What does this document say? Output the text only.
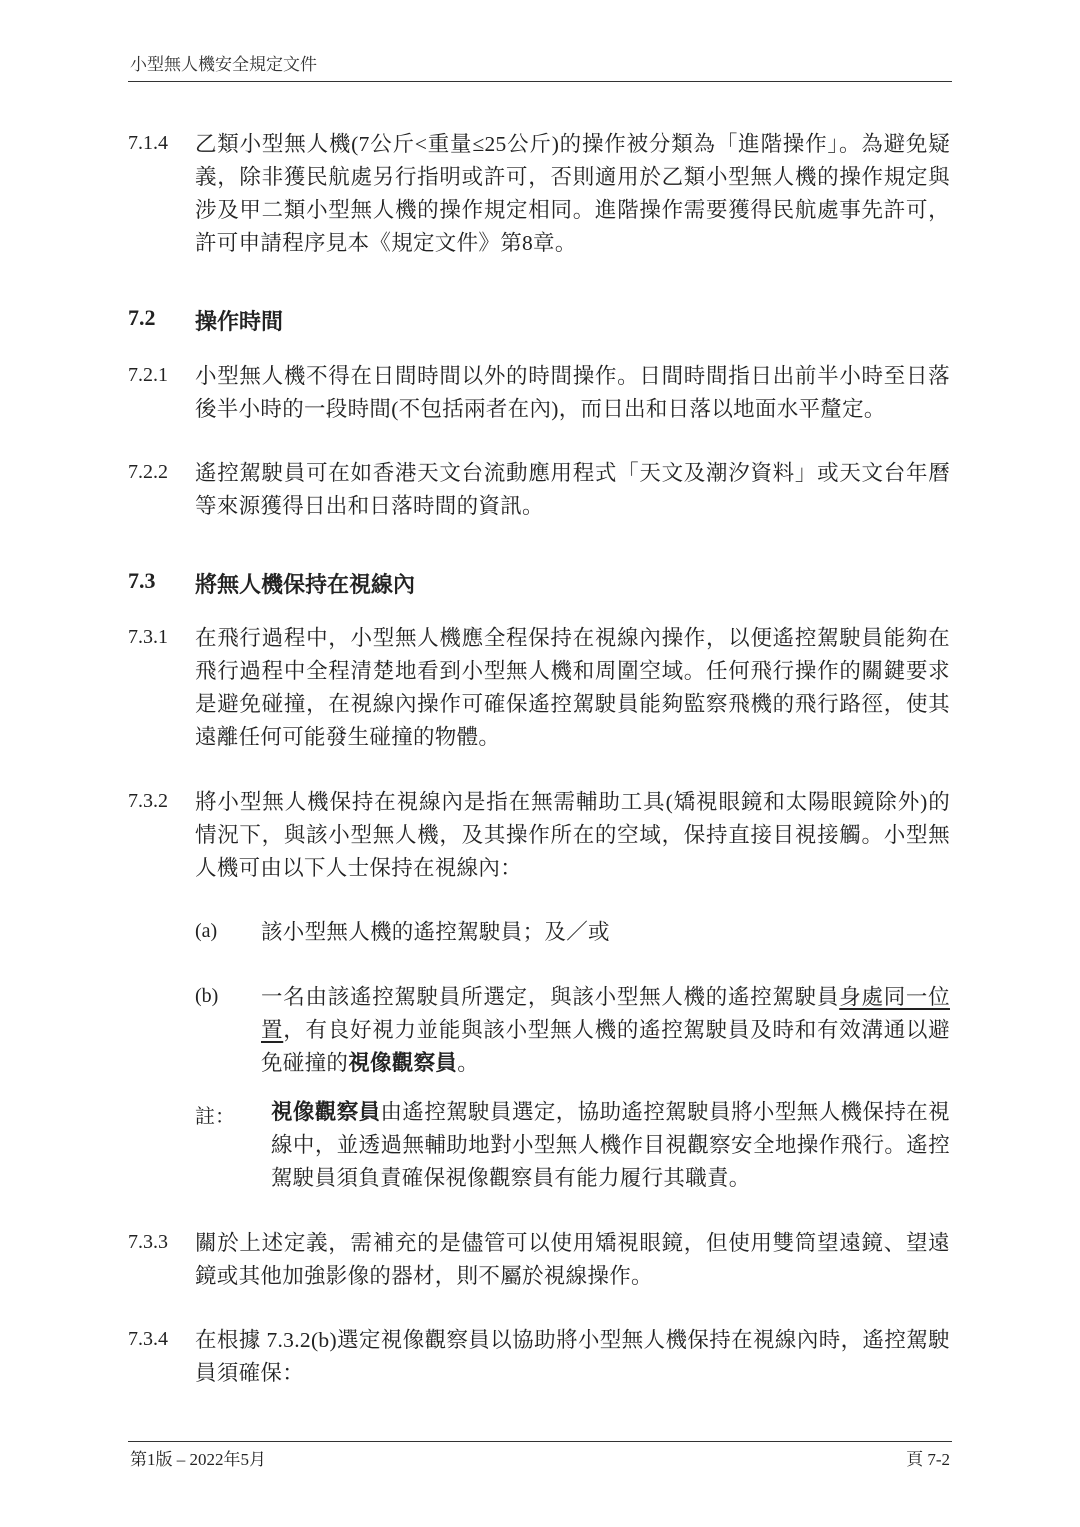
小型無人機安全規定文件
7.1.4 乙類小型無人機(7公斤<重量≤25公斤)的操作被分類為「進階操作」。為避免疑義，除非獲民航處另行指明或許可，否則適用於乙類小型無人機的操作規定與涉及甲二類小型無人機的操作規定相同。進階操作需要獲得民航處事先許可，許可申請程序見本《規定文件》第8章。
7.2 操作時間
7.2.1 小型無人機不得在日間時間以外的時間操作。日間時間指日出前半小時至日落後半小時的一段時間(不包括兩者在內)，而日出和日落以地面水平釐定。
7.2.2 遙控駕駛員可在如香港天文台流動應用程式「天文及潮汐資料」或天文台年曆等來源獲得日出和日落時間的資訊。
7.3 將無人機保持在視線內
7.3.1 在飛行過程中，小型無人機應全程保持在視線內操作，以便遙控駕駛員能夠在飛行過程中全程清楚地看到小型無人機和周圍空域。任何飛行操作的關鍵要求是避免碰撞，在視線內操作可確保遙控駕駛員能夠監察飛機的飛行路徑，使其遠離任何可能發生碰撞的物體。
7.3.2 將小型無人機保持在視線內是指在無需輔助工具(矯視眼鏡和太陽眼鏡除外)的情況下，與該小型無人機，及其操作所在的空域，保持直接目視接觸。小型無人機可由以下人士保持在視線內：
(a) 該小型無人機的遙控駕駛員；及／或
(b) 一名由該遙控駕駛員所選定，與該小型無人機的遙控駕駛員身處同一位置，有良好視力並能與該小型無人機的遙控駕駛員及時和有效溝通以避免碰撞的視像觀察員。
註： 視像觀察員由遙控駕駛員選定，協助遙控駕駛員將小型無人機保持在視線中，並透過無輔助地對小型無人機作目視觀察安全地操作飛行。遙控駕駛員須負責確保視像觀察員有能力履行其職責。
7.3.3 關於上述定義，需補充的是儘管可以使用矯視眼鏡，但使用雙筒望遠鏡、望遠鏡或其他加強影像的器材，則不屬於視線操作。
7.3.4 在根據 7.3.2(b)選定視像觀察員以協助將小型無人機保持在視線內時，遙控駕駛員須確保：
第1版 – 2022年5月	頁 7-2
